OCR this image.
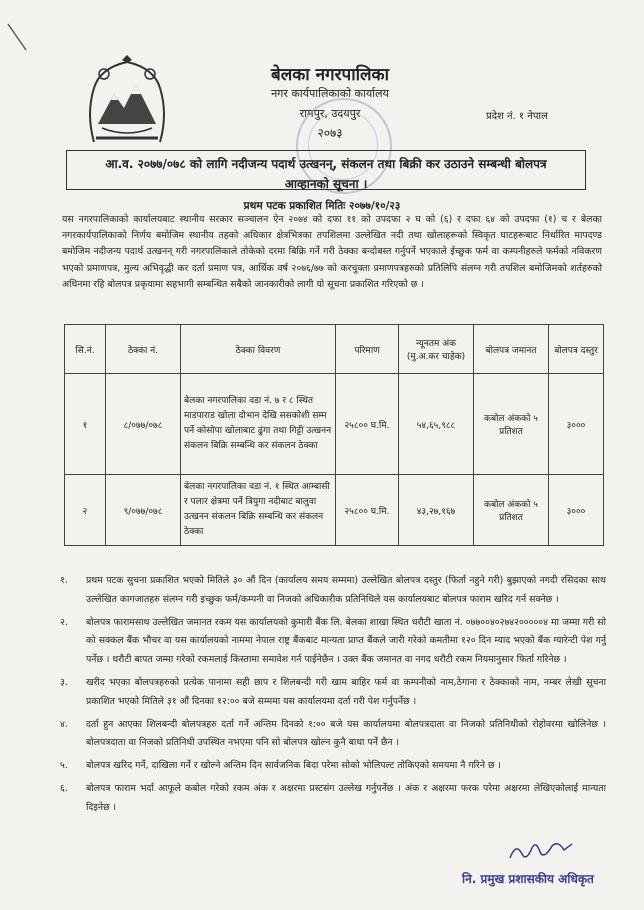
बेलका नगरपालिका
नगर कार्यपालिकाको कार्यालय
रामपुर, उदयपुर
२०७३
प्रदेश नं. १ नेपाल
आ.व. २०७७/०७८ को लागि नदीजन्य पदार्थ उत्खनन्, संकलन तथा बिक्री कर उठाउने सम्बन्धी बोलपत्र
आव्हानको सूचना ।
प्रथम पटक प्रकाशित मितिः २०७७/१०/२३
यस नगरपालिकाको कार्यालयबाट स्थानीय सरकार सञ्चालन ऐन २०७४ को दफा ११ को उपदफा २ घ को (६) र दफा ६४ को उपदफा (१) च र बेलका नगरकार्यपालिकाको निर्णय बमोजिम स्थानीय तहको अधिकार क्षेत्रभित्रका तपशिलमा उल्लेखित नदी तथा खोलाहरूको स्विकृत घाटहरूबाट निर्धारित मापदण्ड बमोजिम नदीजन्य पदार्थ उत्खनन् गरी नगरपालिकाले तोकेको दरमा बिक्रि गर्ने गरी ठेक्का बन्दोबस्त गर्नुपर्ने भएकाले ईच्छुक फर्म वा कम्पनीहरुले फर्मको नविकरण भएको प्रमाणपत्र, मुल्य अभिवृद्धी कर दर्ता प्रमाण पत्र, आर्थिक वर्ष २०७६/७७ को करचुक्ता प्रमाणपत्रहरुको प्रतिलिपि संलग्न गरी तपशिल बमोजिमको शर्तहरुको अधिनमा रहि बोलपत्र प्रकृयामा सहभागी सम्बन्धित सबैको जानकारीको लागी यो सूचना प्रकाशित गरिएको छ ।
सि.नं.	ठेक्का नं.	ठेक्का विवरण	परिमाण	न्यूनतम अंक (मु.अ.कर चाहेक)	बोलपत्र जमानत	बोलपत्र दस्तुर
१	८/०७७/०७८	बेलका नगरपालिका वडा नं. ७ र ८ स्थित माडपाराड खोला दोभान देखि ससकोशी सम्म पर्ने कोसोपा खोलाबाट ढुंगा तथा गिट्टी उत्खनन संकलन बिक्रि सम्बन्धि कर संकलन ठेक्का	२५८०० घ.मि.	५४,६५,९८८	कबोल अंकको ५ प्रतिशत	३०००
२	९/०७७/०७८	बेलका नगरपालिका वडा नं. १ स्थित आम्बासी र पलार क्षेत्रमा पर्ने त्रियुगा नदीबाट बालुवा उत्खनन संकलन बिक्रि सम्बन्धि कर संकलन ठेक्का	२५८०० घ.मि.	४३,२७,१६७	कबोल अंकको ५ प्रतिशत	३०००
१. प्रथम पटक सुचना प्रकाशित भएको मितिले ३० औं दिन (कार्यालय समय सम्ममा) उल्लेखित बोलपत्र दस्तुर (फिर्ता नहुने गरी) बुझाएको नगदी रसिदका साथ उल्लेखित कागजातहरु संलग्न गरी इच्छुक फर्म/कम्पनी वा निजको अधिकारीक प्रतिनिधिले यस कार्यालयबाट बोलपत्र फाराम खरिद गर्न सक्नेछ ।
२. बोलपत्र फारामसाथ उल्लेखित जमानत रकम यस कार्यालयको कुमारी बैंक लि. बेलका शाखा स्थित धरौटी खाता नं. ०७७००४०२७४२०००००४ मा जम्मा गरी सो को सक्कल बैंक भौचर वा यस कार्यालयको नाममा नेपाल राष्ट्र बैंकबाट मान्यता प्राप्त बैंकले जारी गरेको कमतीमा १२० दिन म्याद भएको बैंक ग्यारेन्टी पेश गर्नु पर्नेछ । धरौटी बापत जम्मा गरेको रकमलाई किस्तामा समावेश गर्न पाईनेछैन । उक्त बैंक जमानत वा नगद धरौटी रकम नियमानुसार फिर्ता गरिनेछ ।
३. खरीद भएका बोलपत्रहरुको प्रत्येक पानामा सही छाप र शिलबन्दी गरी खाम बाहिर फर्म वा कम्पनीको नाम,ठेगाना र ठेक्काको नाम, नम्बर लेखी सूचना प्रकाशित भएको मितिले ३१ औं दिनका १२:०० बजे सम्ममा यस कार्यालयमा दर्ता गरी पेश गर्नुपर्नेछ ।
४. दर्ता हुन आएका शिलबन्दी बोलपत्रहरु दर्ता गर्ने अन्तिम दिनको १:०० बजे यस कार्यालयमा बोलपत्रदाता वा निजको प्रतिनिधीको रोहोवरमा खोलिनेछ । बोलपत्रदाता वा निजको प्रतिनिधी उपस्थित नभएमा पनि सो बोलपत्र खोल्न कुनै बाधा पर्ने छैन ।
५. बोलपत्र खरिद गर्ने, दाखिला गर्ने र खोल्ने अन्तिम दिन सार्वजनिक बिदा परेमा सोको भोलिपल्ट तोकिएको समयमा नै गरिने छ ।
६. बोलपत्र फाराम भर्दा आफूले कबोल गरेको रकम अंक र अक्षरमा प्रस्टसंग उल्लेख गर्नुपर्नेछ । अंक र अक्षरमा फरक परेमा अक्षरमा लेखिएकोलाई मान्यता दिइनेछ ।
नि. प्रमुख प्रशासकीय अधिकृत
